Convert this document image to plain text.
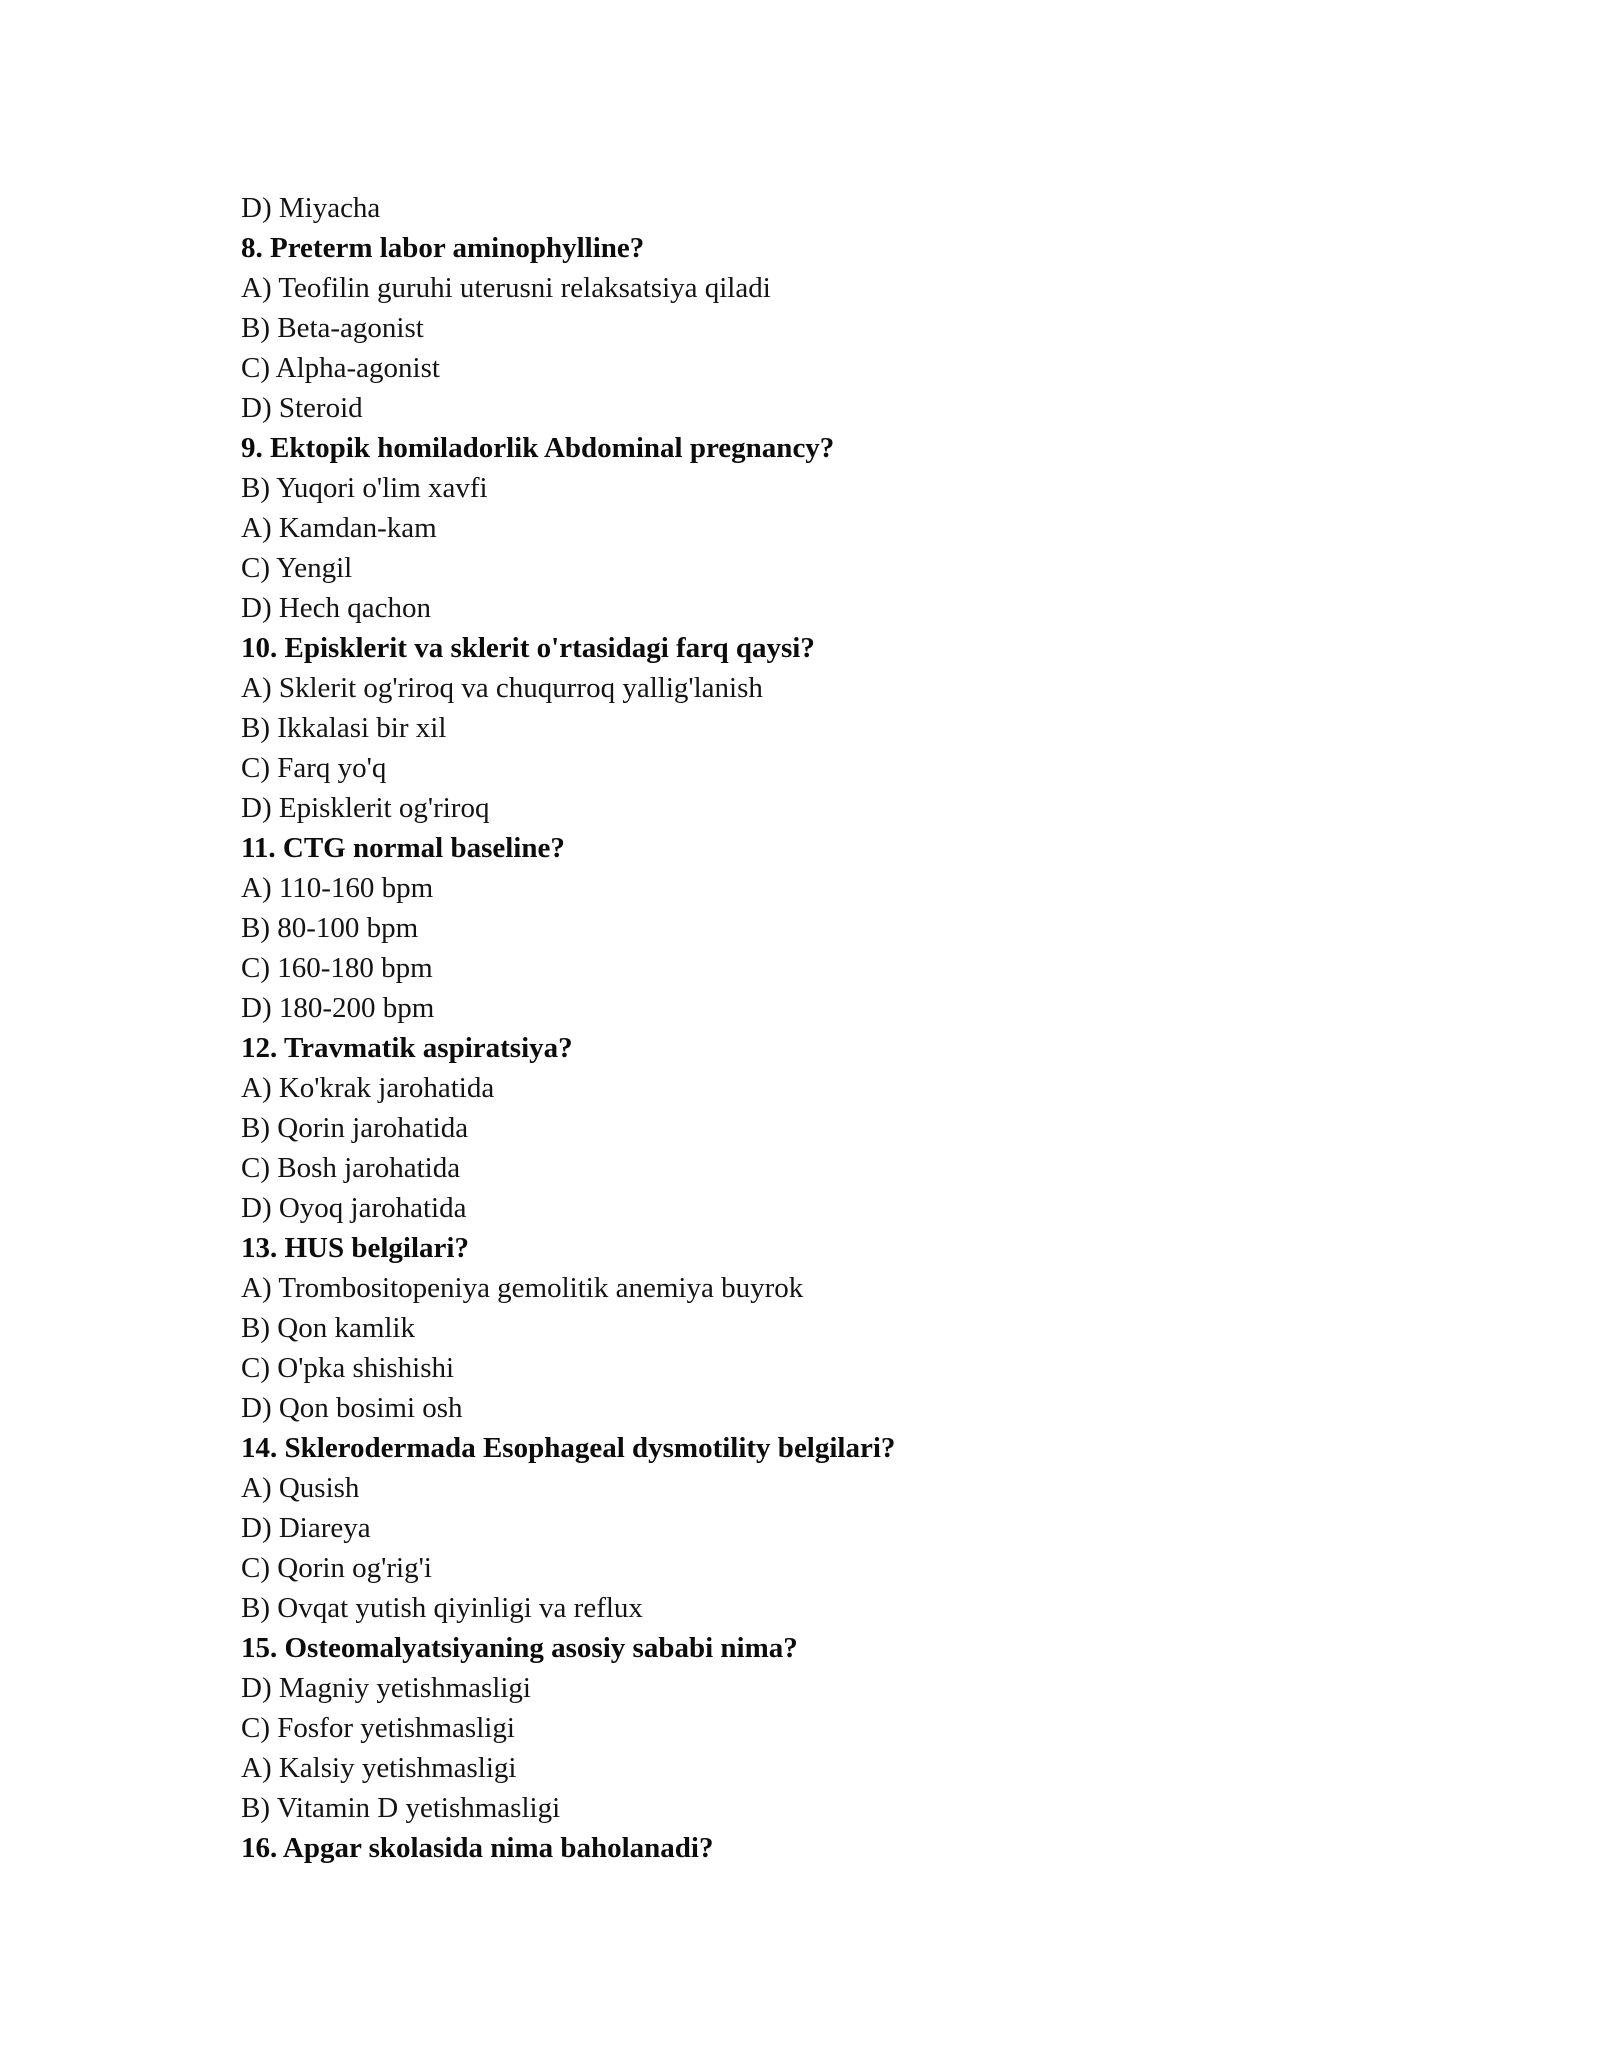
D) Miyacha
8. Preterm labor aminophylline?
A) Teofilin guruhi uterusni relaksatsiya qiladi
B) Beta-agonist
C) Alpha-agonist
D) Steroid
9. Ektopik homiladorlik Abdominal pregnancy?
B) Yuqori o'lim xavfi
A) Kamdan-kam
C) Yengil
D) Hech qachon
10. Episklerit va sklerit o'rtasidagi farq qaysi?
A) Sklerit og'riroq va chuqurroq yallig'lanish
B) Ikkalasi bir xil
C) Farq yo'q
D) Episklerit og'riroq
11. CTG normal baseline?
A) 110-160 bpm
B) 80-100 bpm
C) 160-180 bpm
D) 180-200 bpm
12. Travmatik aspiratsiya?
A) Ko'krak jarohatida
B) Qorin jarohatida
C) Bosh jarohatida
D) Oyoq jarohatida
13. HUS belgilari?
A) Trombositopeniya gemolitik anemiya buyrok
B) Qon kamlik
C) O'pka shishishi
D) Qon bosimi osh
14. Sklerodermada Esophageal dysmotility belgilari?
A) Qusish
D) Diareya
C) Qorin og'rig'i
B) Ovqat yutish qiyinligi va reflux
15. Osteomalyatsiyaning asosiy sababi nima?
D) Magniy yetishmasligi
C) Fosfor yetishmasligi
A) Kalsiy yetishmasligi
B) Vitamin D yetishmasligi
16. Apgar skolasida nima baholanadi?
